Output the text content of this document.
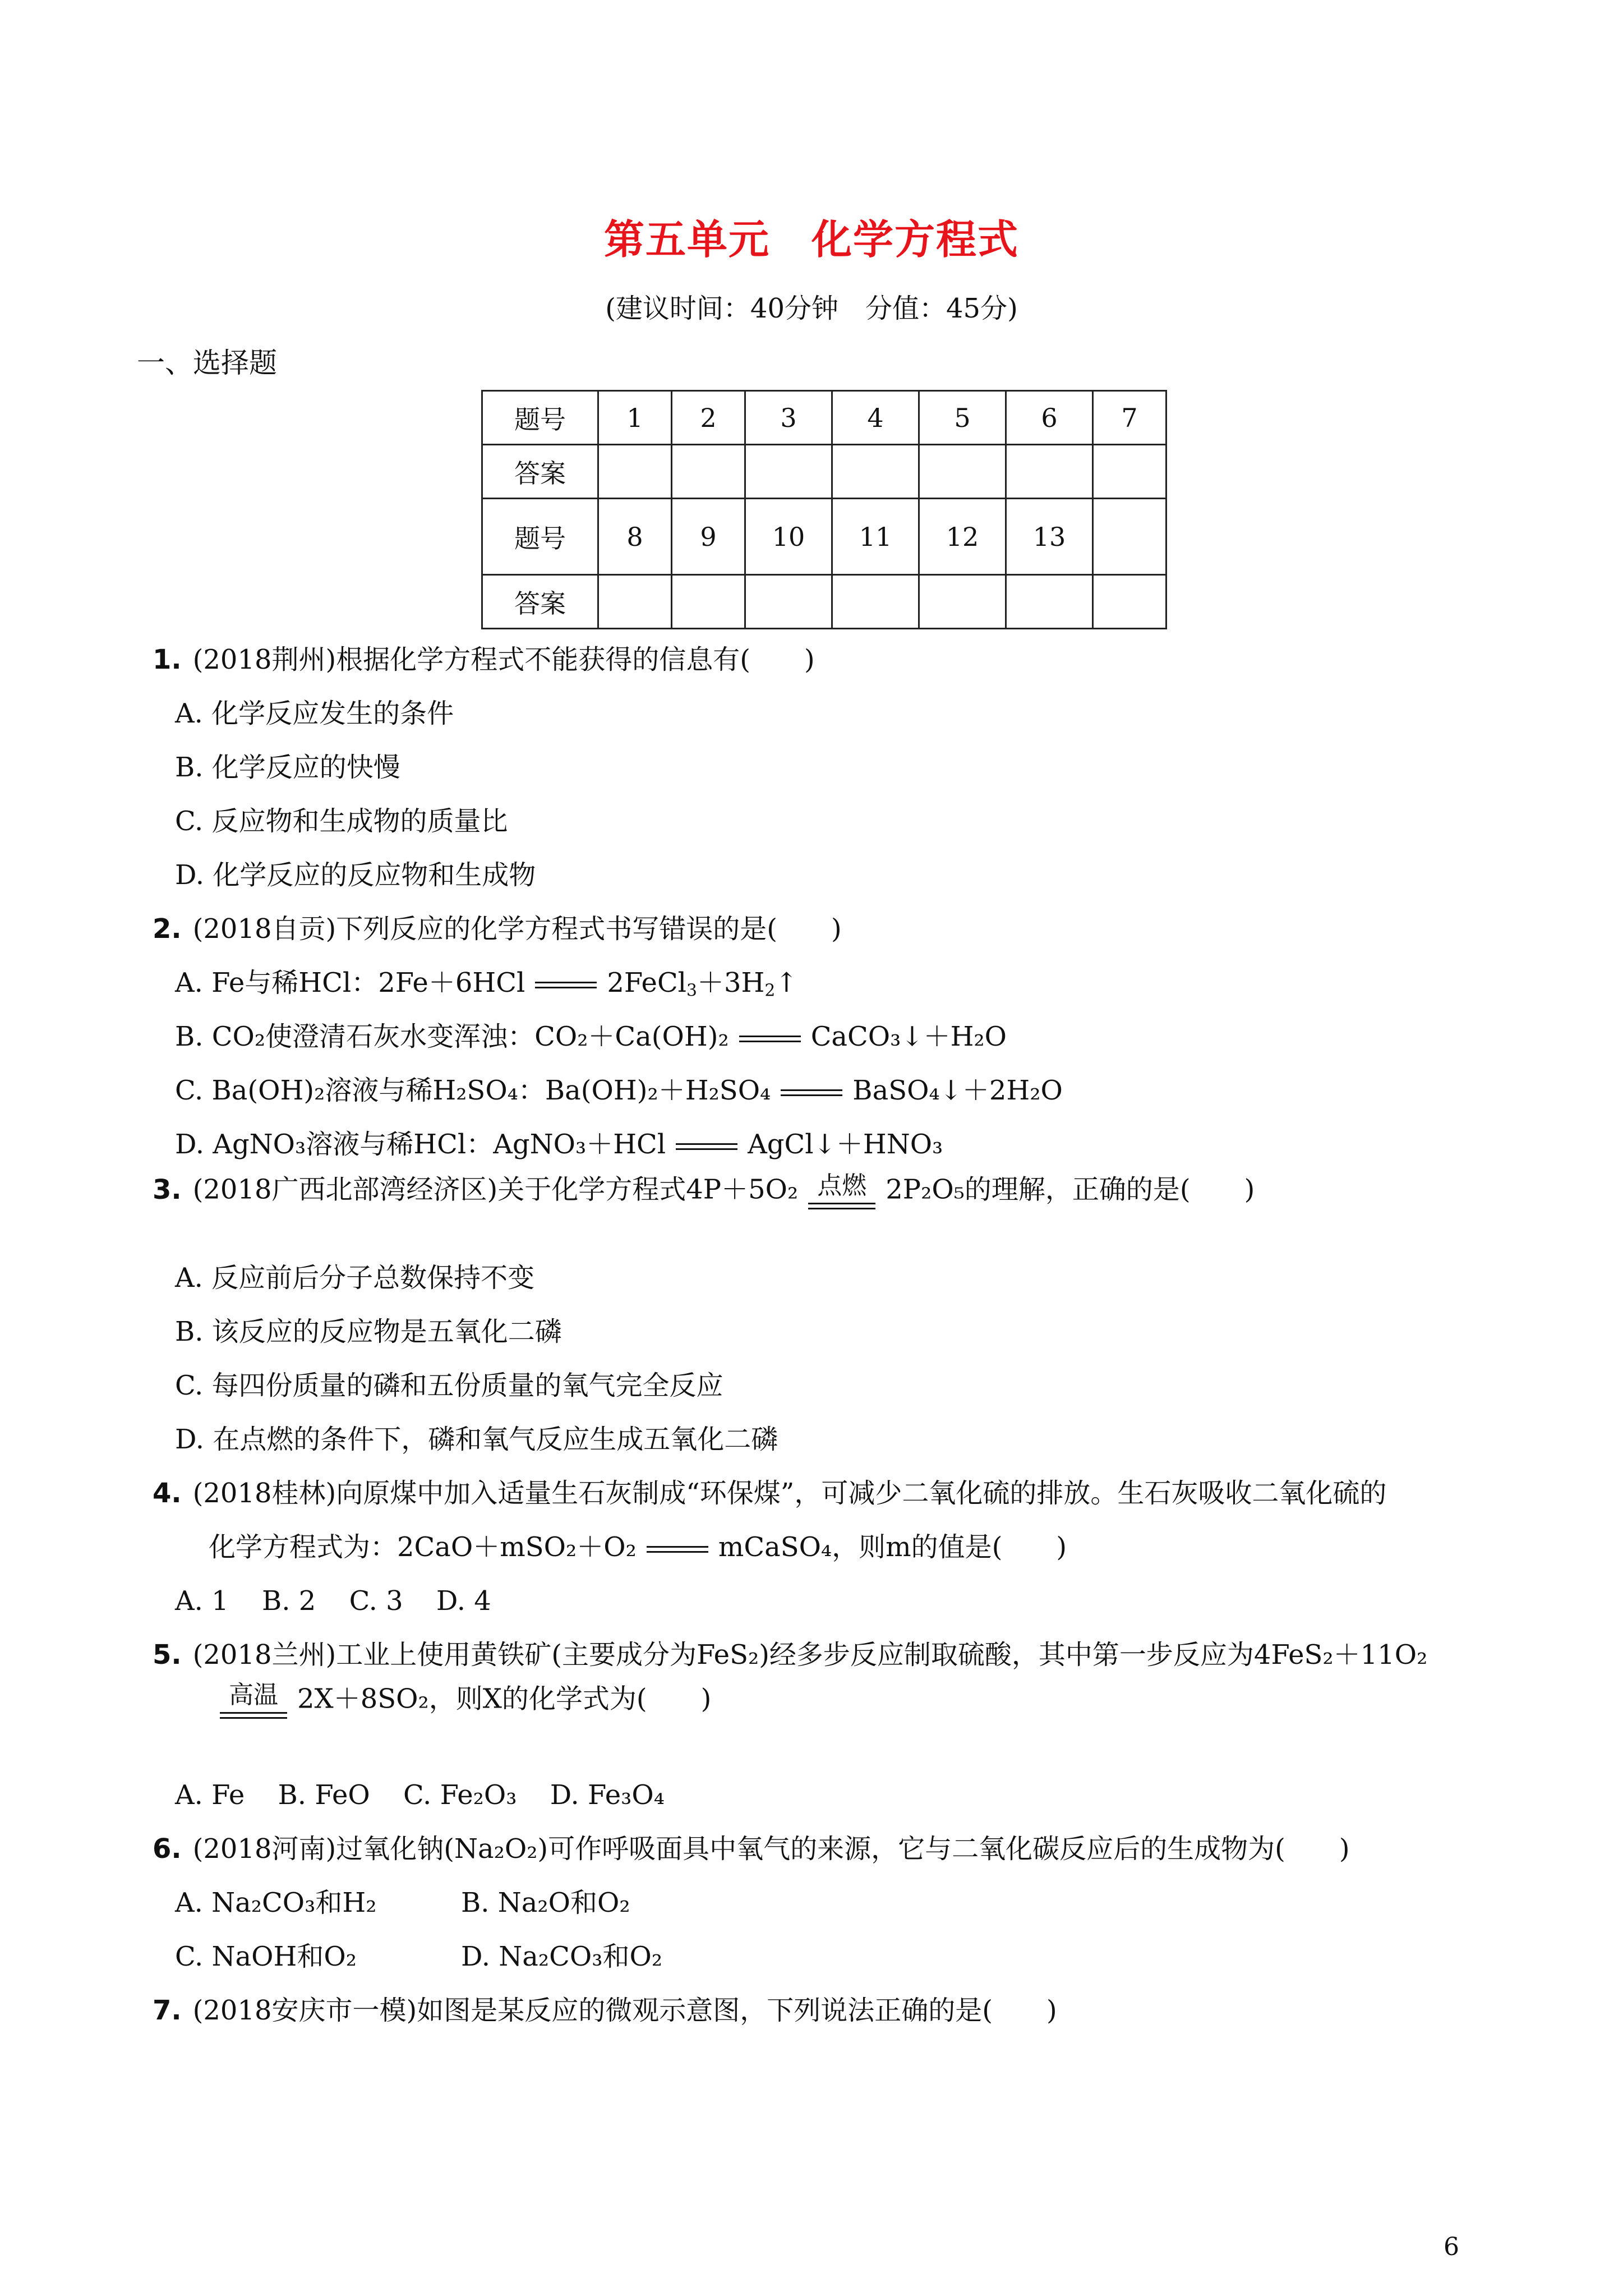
第五单元　化学方程式
(建议时间：40分钟　分值：45分)
一、选择题
题号	1	2	3	4	5	6	7
答案							
题号	8	9	10	11	12	13	
答案							
1. (2018荆州)根据化学方程式不能获得的信息有(　　)
A. 化学反应发生的条件
B. 化学反应的快慢
C. 反应物和生成物的质量比
D. 化学反应的反应物和生成物
2. (2018自贡)下列反应的化学方程式书写错误的是(　　)
A. Fe与稀HCl：2Fe＋6HCl	$2FeCl_3+3H_2↑$
B. CO₂使澄清石灰水变浑浊：CO₂＋Ca(OH)₂	CaCO₃↓＋H₂O
C. Ba(OH)₂溶液与稀H₂SO₄：Ba(OH)₂＋H₂SO₄	BaSO₄↓＋2H₂O
D. AgNO₃溶液与稀HCl：AgNO₃＋HCl	AgCl↓＋HNO₃
3. (2018广西北部湾经济区)关于化学方程式4P＋5O₂ 点燃 2P₂O₅的理解，正确的是(　　)
A. 反应前后分子总数保持不变
B. 该反应的反应物是五氧化二磷
C. 每四份质量的磷和五份质量的氧气完全反应
D. 在点燃的条件下，磷和氧气反应生成五氧化二磷
4. (2018桂林)向原煤中加入适量生石灰制成“环保煤”，可减少二氧化硫的排放。生石灰吸收二氧化硫的
化学方程式为：2CaO＋mSO₂＋O₂	mCaSO₄，则m的值是(　　)
A. 1 B. 2 C. 3 D. 4
5. (2018兰州)工业上使用黄铁矿(主要成分为FeS₂)经多步反应制取硫酸，其中第一步反应为4FeS₂＋11O₂
高温 2X＋8SO₂，则X的化学式为(　　)
A. Fe B. FeO C. Fe₂O₃ D. Fe₃O₄
6. (2018河南)过氧化钠(Na₂O₂)可作呼吸面具中氧气的来源，它与二氧化碳反应后的生成物为(　　)
A. Na₂CO₃和H₂	B. Na₂O和O₂
C. NaOH和O₂	D. Na₂CO₃和O₂
7. (2018安庆市一模)如图是某反应的微观示意图，下列说法正确的是(　　)
6
